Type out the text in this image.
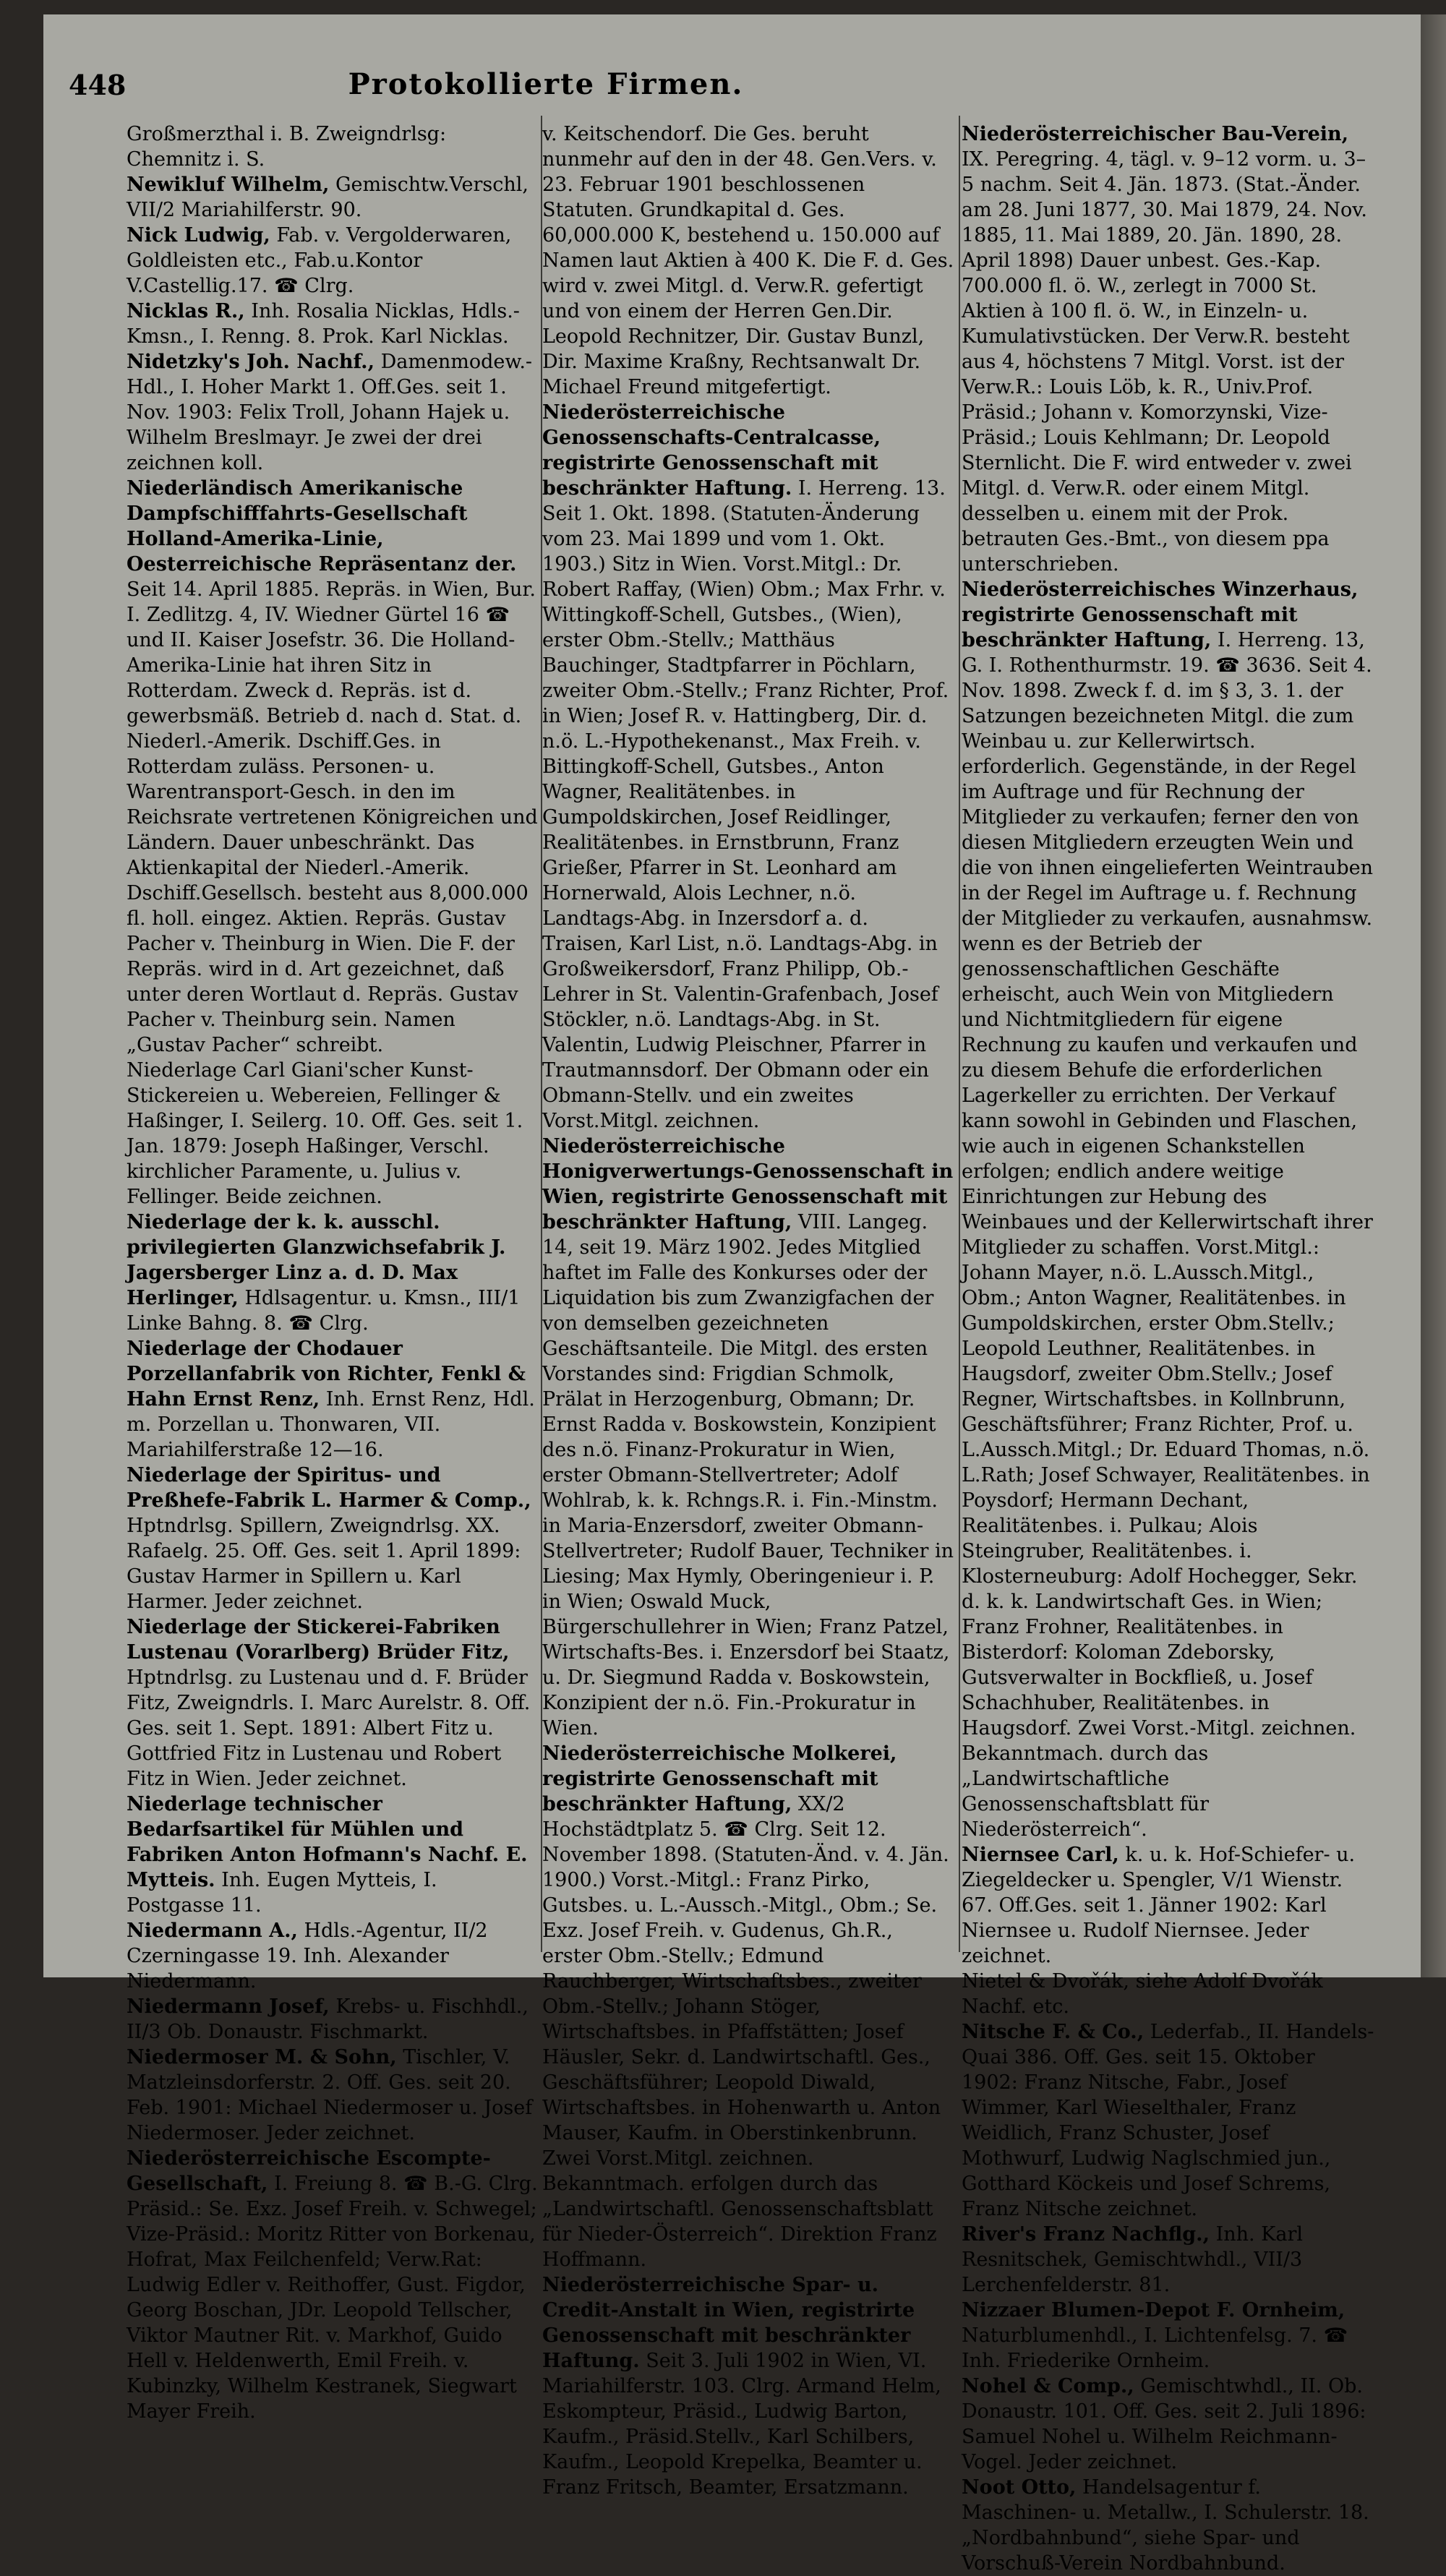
448	Protokollierte Firmen.
Großmerzthal i. B. Zweigndrlsg: Chemnitz i. S.
Newikluf Wilhelm, Gemischtw.Verschl, VII/2 Mariahilferstr. 90.
Nick Ludwig, Fab. v. Vergolderwaren, Goldleisten etc., Fab.u.Kontor V.Castellig.17. ☎ Clrg.
Nicklas R., Inh. Rosalia Nicklas, Hdls.-Kmsn., I. Renng. 8. Prok. Karl Nicklas.
Nidetzky's Joh. Nachf., Damenmodew.-Hdl., I. Hoher Markt 1. Off.Ges. seit 1. Nov. 1903: Felix Troll, Johann Hajek u. Wilhelm Breslmayr. Je zwei der drei zeichnen koll.
Niederländisch Amerikanische Dampfschifffahrts-Gesellschaft Holland-Amerika-Linie, Oesterreichische Repräsentanz der. Seit 14. April 1885. Repräs. in Wien, Bur. I. Zedlitzg. 4, IV. Wiedner Gürtel 16 ☎ und II. Kaiser Josefstr. 36. Die Holland-Amerika-Linie hat ihren Sitz in Rotterdam. Zweck d. Repräs. ist d. gewerbsmäß. Betrieb d. nach d. Stat. d. Niederl.-Amerik. Dschiff.Ges. in Rotterdam zuläss. Personen- u. Warentransport-Gesch. in den im Reichsrate vertretenen Königreichen und Ländern. Dauer unbeschränkt. Das Aktienkapital der Niederl.-Amerik. Dschiff.Gesellsch. besteht aus 8,000.000 fl. holl. eingez. Aktien. Repräs. Gustav Pacher v. Theinburg in Wien. Die F. der Repräs. wird in d. Art gezeichnet, daß unter deren Wortlaut d. Repräs. Gustav Pacher v. Theinburg sein. Namen „Gustav Pacher“ schreibt.
Niederlage Carl Giani'scher Kunst-Stickereien u. Webereien, Fellinger & Haßinger, I. Seilerg. 10. Off. Ges. seit 1. Jan. 1879: Joseph Haßinger, Verschl. kirchlicher Paramente, u. Julius v. Fellinger. Beide zeichnen.
Niederlage der k. k. ausschl. privilegierten Glanzwichsefabrik J. Jagersberger Linz a. d. D. Max Herlinger, Hdlsagentur. u. Kmsn., III/1 Linke Bahng. 8. ☎ Clrg.
Niederlage der Chodauer Porzellanfabrik von Richter, Fenkl & Hahn Ernst Renz, Inh. Ernst Renz, Hdl. m. Porzellan u. Thonwaren, VII. Mariahilferstraße 12—16.
Niederlage der Spiritus- und Preßhefe-Fabrik L. Harmer & Comp., Hptndrlsg. Spillern, Zweigndrlsg. XX. Rafaelg. 25. Off. Ges. seit 1. April 1899: Gustav Harmer in Spillern u. Karl Harmer. Jeder zeichnet.
Niederlage der Stickerei-Fabriken Lustenau (Vorarlberg) Brüder Fitz, Hptndrlsg. zu Lustenau und d. F. Brüder Fitz, Zweigndrls. I. Marc Aurelstr. 8. Off. Ges. seit 1. Sept. 1891: Albert Fitz u. Gottfried Fitz in Lustenau und Robert Fitz in Wien. Jeder zeichnet.
Niederlage technischer Bedarfsartikel für Mühlen und Fabriken Anton Hofmann's Nachf. E. Mytteis. Inh. Eugen Mytteis, I. Postgasse 11.
Niedermann A., Hdls.-Agentur, II/2 Czerningasse 19. Inh. Alexander Niedermann.
Niedermann Josef, Krebs- u. Fischhdl., II/3 Ob. Donaustr. Fischmarkt.
Niedermoser M. & Sohn, Tischler, V. Matzleinsdorferstr. 2. Off. Ges. seit 20. Feb. 1901: Michael Niedermoser u. Josef Niedermoser. Jeder zeichnet.
Niederösterreichische Escompte-Gesellschaft, I. Freiung 8. ☎ B.-G. Clrg. Präsid.: Se. Exz. Josef Freih. v. Schwegel; Vize-Präsid.: Moritz Ritter von Borkenau, Hofrat, Max Feilchenfeld; Verw.Rat: Ludwig Edler v. Reithoffer, Gust. Figdor, Georg Boschan, JDr. Leopold Tellscher, Viktor Mautner Rit. v. Markhof, Guido Hell v. Heldenwerth, Emil Freih. v. Kubinzky, Wilhelm Kestranek, Siegwart Mayer Freih.
v. Keitschendorf. Die Ges. beruht nunmehr auf den in der 48. Gen.Vers. v. 23. Februar 1901 beschlossenen Statuten. Grundkapital d. Ges. 60,000.000 K, bestehend u. 150.000 auf Namen laut Aktien à 400 K. Die F. d. Ges. wird v. zwei Mitgl. d. Verw.R. gefertigt und von einem der Herren Gen.Dir. Leopold Rechnitzer, Dir. Gustav Bunzl, Dir. Maxime Kraßny, Rechtsanwalt Dr. Michael Freund mitgefertigt.
Niederösterreichische Genossenschafts-Centralcasse, registrirte Genossenschaft mit beschränkter Haftung. I. Herreng. 13. Seit 1. Okt. 1898. (Statuten-Änderung vom 23. Mai 1899 und vom 1. Okt. 1903.) Sitz in Wien. Vorst.Mitgl.: Dr. Robert Raffay, (Wien) Obm.; Max Frhr. v. Wittingkoff-Schell, Gutsbes., (Wien), erster Obm.-Stellv.; Matthäus Bauchinger, Stadtpfarrer in Pöchlarn, zweiter Obm.-Stellv.; Franz Richter, Prof. in Wien; Josef R. v. Hattingberg, Dir. d. n.ö. L.-Hypothekenanst., Max Freih. v. Bittingkoff-Schell, Gutsbes., Anton Wagner, Realitätenbes. in Gumpoldskirchen, Josef Reidlinger, Realitätenbes. in Ernstbrunn, Franz Grießer, Pfarrer in St. Leonhard am Hornerwald, Alois Lechner, n.ö. Landtags-Abg. in Inzersdorf a. d. Traisen, Karl List, n.ö. Landtags-Abg. in Großweikersdorf, Franz Philipp, Ob.-Lehrer in St. Valentin-Grafenbach, Josef Stöckler, n.ö. Landtags-Abg. in St. Valentin, Ludwig Pleischner, Pfarrer in Trautmannsdorf. Der Obmann oder ein Obmann-Stellv. und ein zweites Vorst.Mitgl. zeichnen.
Niederösterreichische Honigverwertungs-Genossenschaft in Wien, registrirte Genossenschaft mit beschränkter Haftung, VIII. Langeg. 14, seit 19. März 1902. Jedes Mitglied haftet im Falle des Konkurses oder der Liquidation bis zum Zwanzigfachen der von demselben gezeichneten Geschäftsanteile. Die Mitgl. des ersten Vorstandes sind: Frigdian Schmolk, Prälat in Herzogenburg, Obmann; Dr. Ernst Radda v. Boskowstein, Konzipient des n.ö. Finanz-Prokuratur in Wien, erster Obmann-Stellvertreter; Adolf Wohlrab, k. k. Rchngs.R. i. Fin.-Minstm. in Maria-Enzersdorf, zweiter Obmann-Stellvertreter; Rudolf Bauer, Techniker in Liesing; Max Hymly, Oberingenieur i. P. in Wien; Oswald Muck, Bürgerschullehrer in Wien; Franz Patzel, Wirtschafts-Bes. i. Enzersdorf bei Staatz, u. Dr. Siegmund Radda v. Boskowstein, Konzipient der n.ö. Fin.-Prokuratur in Wien.
Niederösterreichische Molkerei, registrirte Genossenschaft mit beschränkter Haftung, XX/2 Hochstädtplatz 5. ☎ Clrg. Seit 12. November 1898. (Statuten-Änd. v. 4. Jän. 1900.) Vorst.-Mitgl.: Franz Pirko, Gutsbes. u. L.-Aussch.-Mitgl., Obm.; Se. Exz. Josef Freih. v. Gudenus, Gh.R., erster Obm.-Stellv.; Edmund Rauchberger, Wirtschaftsbes., zweiter Obm.-Stellv.; Johann Stöger, Wirtschaftsbes. in Pfaffstätten; Josef Häusler, Sekr. d. Landwirtschaftl. Ges., Geschäftsführer; Leopold Diwald, Wirtschaftsbes. in Hohenwarth u. Anton Mauser, Kaufm. in Oberstinkenbrunn. Zwei Vorst.Mitgl. zeichnen. Bekanntmach. erfolgen durch das „Landwirtschaftl. Genossenschaftsblatt für Nieder-Österreich“. Direktion Franz Hoffmann.
Niederösterreichische Spar- u. Credit-Anstalt in Wien, registrirte Genossenschaft mit beschränkter Haftung. Seit 3. Juli 1902 in Wien, VI. Mariahilferstr. 103. Clrg. Armand Helm, Eskompteur, Präsid., Ludwig Barton, Kaufm., Präsid.Stellv., Karl Schilbers, Kaufm., Leopold Krepelka, Beamter u. Franz Fritsch, Beamter, Ersatzmann.
Niederösterreichischer Bau-Verein, IX. Peregring. 4, tägl. v. 9–12 vorm. u. 3–5 nachm. Seit 4. Jän. 1873. (Stat.-Änder. am 28. Juni 1877, 30. Mai 1879, 24. Nov. 1885, 11. Mai 1889, 20. Jän. 1890, 28. April 1898) Dauer unbest. Ges.-Kap. 700.000 fl. ö. W., zerlegt in 7000 St. Aktien à 100 fl. ö. W., in Einzeln- u. Kumulativstücken. Der Verw.R. besteht aus 4, höchstens 7 Mitgl. Vorst. ist der Verw.R.: Louis Löb, k. R., Univ.Prof. Präsid.; Johann v. Komorzynski, Vize-Präsid.; Louis Kehlmann; Dr. Leopold Sternlicht. Die F. wird entweder v. zwei Mitgl. d. Verw.R. oder einem Mitgl. desselben u. einem mit der Prok. betrauten Ges.-Bmt., von diesem ppa unterschrieben.
Niederösterreichisches Winzerhaus, registrirte Genossenschaft mit beschränkter Haftung, I. Herreng. 13, G. I. Rothenthurmstr. 19. ☎ 3636. Seit 4. Nov. 1898. Zweck f. d. im § 3, 3. 1. der Satzungen bezeichneten Mitgl. die zum Weinbau u. zur Kellerwirtsch. erforderlich. Gegenstände, in der Regel im Auftrage und für Rechnung der Mitglieder zu verkaufen; ferner den von diesen Mitgliedern erzeugten Wein und die von ihnen eingelieferten Weintrauben in der Regel im Auftrage u. f. Rechnung der Mitglieder zu verkaufen, ausnahmsw. wenn es der Betrieb der genossenschaftlichen Geschäfte erheischt, auch Wein von Mitgliedern und Nichtmitgliedern für eigene Rechnung zu kaufen und verkaufen und zu diesem Behufe die erforderlichen Lagerkeller zu errichten. Der Verkauf kann sowohl in Gebinden und Flaschen, wie auch in eigenen Schankstellen erfolgen; endlich andere weitige Einrichtungen zur Hebung des Weinbaues und der Kellerwirtschaft ihrer Mitglieder zu schaffen. Vorst.Mitgl.: Johann Mayer, n.ö. L.Aussch.Mitgl., Obm.; Anton Wagner, Realitätenbes. in Gumpoldskirchen, erster Obm.Stellv.; Leopold Leuthner, Realitätenbes. in Haugsdorf, zweiter Obm.Stellv.; Josef Regner, Wirtschaftsbes. in Kollnbrunn, Geschäftsführer; Franz Richter, Prof. u. L.Aussch.Mitgl.; Dr. Eduard Thomas, n.ö. L.Rath; Josef Schwayer, Realitätenbes. in Poysdorf; Hermann Dechant, Realitätenbes. i. Pulkau; Alois Steingruber, Realitätenbes. i. Klosterneuburg: Adolf Hochegger, Sekr. d. k. k. Landwirtschaft Ges. in Wien; Franz Frohner, Realitätenbes. in Bisterdorf: Koloman Zdeborsky, Gutsverwalter in Bockfließ, u. Josef Schachhuber, Realitätenbes. in Haugsdorf. Zwei Vorst.-Mitgl. zeichnen. Bekanntmach. durch das „Landwirtschaftliche Genossenschaftsblatt für Niederösterreich“.
Niernsee Carl, k. u. k. Hof-Schiefer- u. Ziegeldecker u. Spengler, V/1 Wienstr. 67. Off.Ges. seit 1. Jänner 1902: Karl Niernsee u. Rudolf Niernsee. Jeder zeichnet.
Nietel & Dvořák, siehe Adolf Dvořák Nachf. etc.
Nitsche F. & Co., Lederfab., II. Handels-Quai 386. Off. Ges. seit 15. Oktober 1902: Franz Nitsche, Fabr., Josef Wimmer, Karl Wieselthaler, Franz Weidlich, Franz Schuster, Josef Mothwurf, Ludwig Naglschmied jun., Gotthard Köckeis und Josef Schrems, Franz Nitsche zeichnet.
River's Franz Nachflg., Inh. Karl Resnitschek, Gemischtwhdl., VII/3 Lerchenfelderstr. 81.
Nizzaer Blumen-Depot F. Ornheim, Naturblumenhdl., I. Lichtenfelsg. 7. ☎ Inh. Friederike Ornheim.
Nohel & Comp., Gemischtwhdl., II. Ob. Donaustr. 101. Off. Ges. seit 2. Juli 1896: Samuel Nohel u. Wilhelm Reichmann-Vogel. Jeder zeichnet.
Noot Otto, Handelsagentur f. Maschinen- u. Metallw., I. Schulerstr. 18.
„Nordbahnbund“, siehe Spar- und Vorschuß-Verein Nordbahnbund.
